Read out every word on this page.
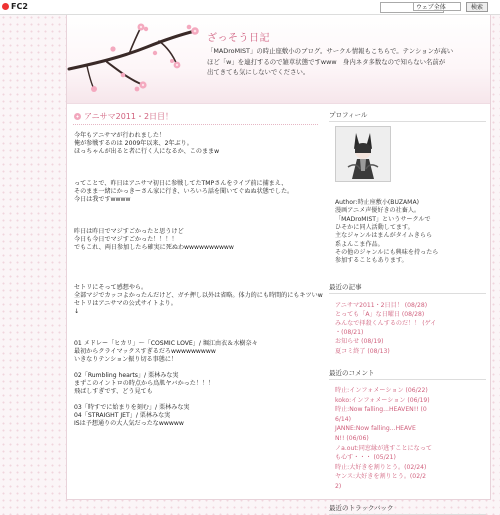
FC2	ウェブ全体	検索
ざっそう日記
「MADroMIST」の時止座敷小のブログ。サークル情報もこちらで。テンションが高い
ほど「w」を連打するので雑草状態ですwww　身内ネタ多数なので知らない名前が
出てきても気にしないでください。
アニサマ2011・2日目！
今年もアニサマが行われました！
俺が参戦するのは 2009年以来、2年ぶり。
ほっちゃんが出ると者に行く人になるか、このままw
ってことで、昨日はアニサマ初日に参戦してたTMPさんをライブ前に捕まえ、
そのまま一緒にかっきーさん家に行き、いろいろ話を聞いてぐぬぬ状態でした。
今日は我ですwwww
昨日は昨日でマジすごかったと思うけど
今日も今日でマジすごかった！！！！
でもこれ、両日参加したら確実に死ぬわwwwwwwwwww
セトリにそって感想やら。
全部マジでカッコよかったんだけど、ガチ押し以外は省略。体力的にも時間的にもキツいw
セトリはアニサマの公式サイトより。
↓
01 メドレー「ヒカリ」～「COSMIC LOVE」/ 堀江由衣＆水樹奈々
最初からクライマックスすぎるだろwwwwwwwww
いきなりテンション振り切る事態に！
02「Rumbling hearts」/ 栗林みな実
まずこのイントロの時点から鳥肌ヤバかった！！！
飛ばしすぎです、どう見ても
03「時すでに始まりを刻む」/ 栗林みな実
04「STRAIGHT JET」/ 栗林みな実
ISは予想通りの大人気だったなwwwww
プロフィール
Author:時止座敷小(BUZAMA)
漫画アニメ声優好きの社畜人。
「MADroMIST」というサークルで
ひそかに同人活動してます。
主なジャンルはまんがタイムきらら
系よんこま作品。
その他のジャンルにも興味を持ったら
参加することもあります。
最近の記事
アニサマ2011・2日目！ (08/28)
とっても「A」な日曜日 (08/28)
みんなで拝殺くんするのだ！！ (ゲイ
・(08/21)
お知らせ (08/19)
夏コミ終了 (08/13)
最近のコメント
時止:インフォメーション (06/22)
koko:インフォメーション (06/19)
時止:Now falling...HEAVEN!! (0
6/14)
JANNE:Now falling...HEAVE
N!! (06/06)
ノa.out:同窓縁が逃すことになって
も心す・・・ (05/21)
時止:大好きを割りとう。(02/24)
ヤンス:大好きを割りとう。(02/2
2)
最近のトラックバック
